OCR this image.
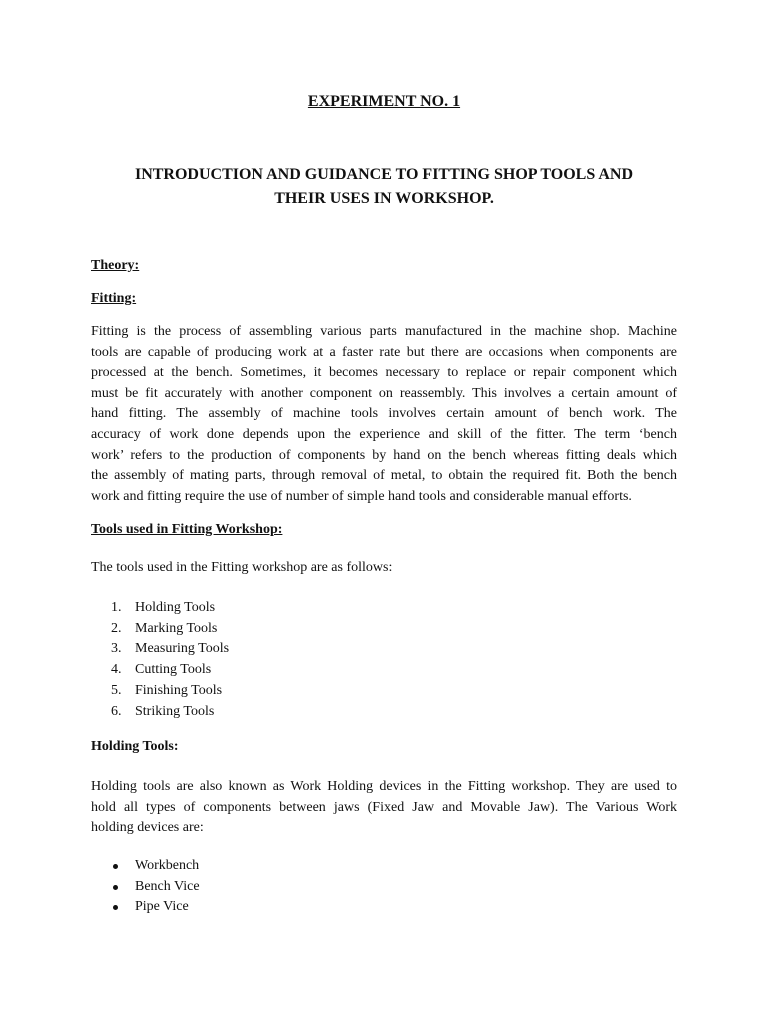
EXPERIMENT NO. 1
INTRODUCTION AND GUIDANCE TO FITTING SHOP TOOLS AND
THEIR USES IN WORKSHOP.
Theory:
Fitting:
Fitting is the process of assembling various parts manufactured in the machine shop. Machine
tools are capable of producing work at a faster rate but there are occasions when components are
processed at the bench. Sometimes, it becomes necessary to replace or repair component which
must be fit accurately with another component on reassembly. This involves a certain amount of
hand fitting. The assembly of machine tools involves certain amount of bench work. The
accuracy of work done depends upon the experience and skill of the fitter. The term ‘bench
work’ refers to the production of components by hand on the bench whereas fitting deals which
the assembly of mating parts, through removal of metal, to obtain the required fit. Both the bench
work and fitting require the use of number of simple hand tools and considerable manual efforts.
Tools used in Fitting Workshop:
The tools used in the Fitting workshop are as follows:
1. Holding Tools
2. Marking Tools
3. Measuring Tools
4. Cutting Tools
5. Finishing Tools
6. Striking Tools
Holding Tools:
Holding tools are also known as Work Holding devices in the Fitting workshop. They are used to
hold all types of components between jaws (Fixed Jaw and Movable Jaw). The Various Work
holding devices are:
Workbench
Bench Vice
Pipe Vice
